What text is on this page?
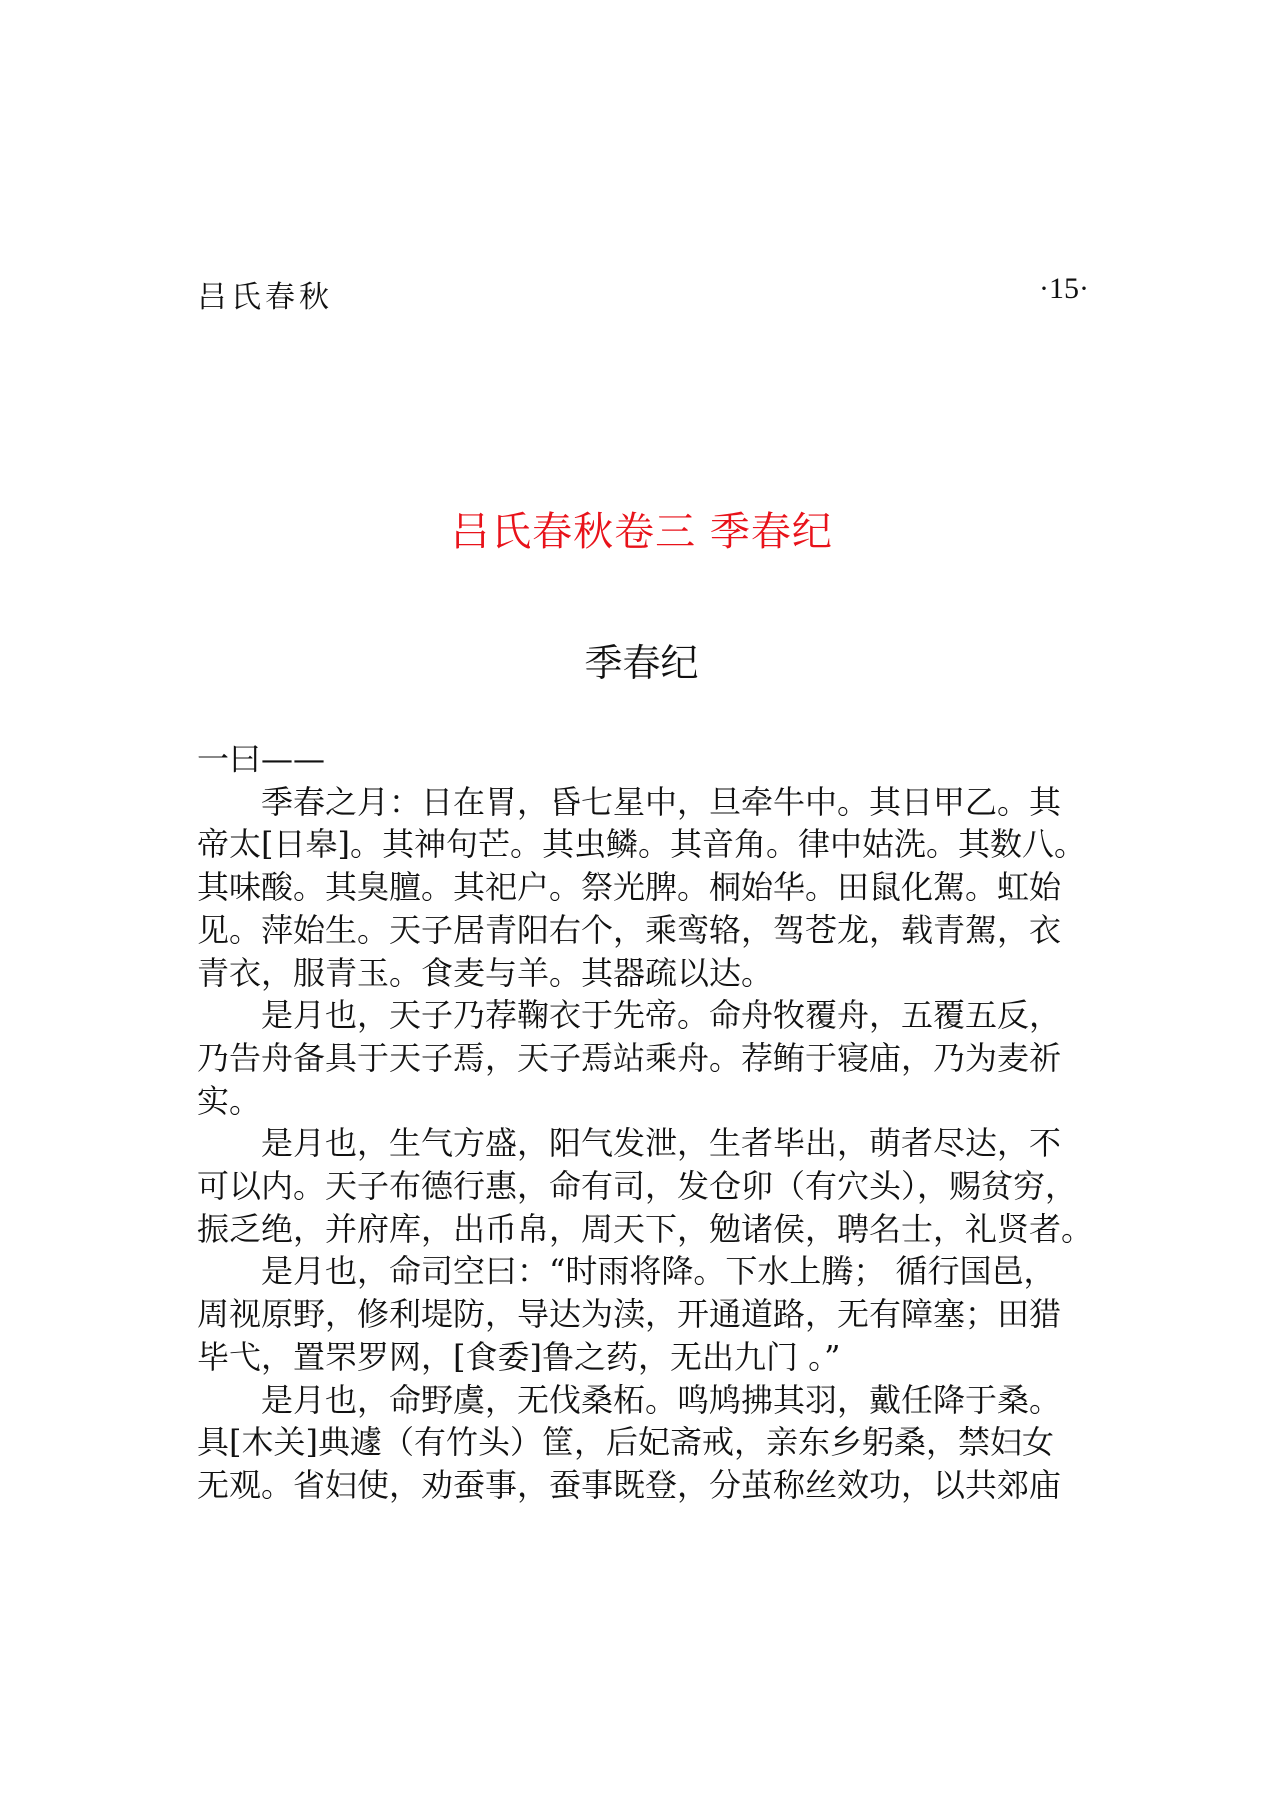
吕氏春秋	·15·
吕氏春秋卷三 季春纪
季春纪
一曰——
季春之月：日在胃，昏七星中，旦牵牛中。其日甲乙。其
帝太[日皋]。其神句芒。其虫鳞。其音角。律中姑洗。其数八。
其味酸。其臭膻。其祀户。祭光脾。桐始华。田鼠化駕。虹始
见。萍始生。天子居青阳右个，乘鸾辂，驾苍龙，载青駕，衣
青衣，服青玉。食麦与羊。其器疏以达。
是月也，天子乃荐鞠衣于先帝。命舟牧覆舟，五覆五反，
乃告舟备具于天子焉，天子焉站乘舟。荐鲔于寝庙，乃为麦祈
实。
是月也，生气方盛，阳气发泄，生者毕出，萌者尽达，不
可以内。天子布德行惠，命有司，发仓卯（有穴头），赐贫穷，
振乏绝，并府库，出币帛，周天下，勉诸侯，聘名士，礼贤者。
是月也，命司空曰：“时雨将降。下水上腾； 循行国邑，
周视原野，修利堤防，导达为渎，开通道路，无有障塞；田猎
毕弋，置罘罗网，[食委]鲁之药，无出九门 。”
是月也，命野虞，无伐桑柘。鸣鸠拂其羽，戴任降于桑。
具[木关]典遽（有竹头）筐，后妃斋戒，亲东乡躬桑，禁妇女
无观。省妇使，劝蚕事，蚕事既登，分茧称丝效功，以共郊庙
